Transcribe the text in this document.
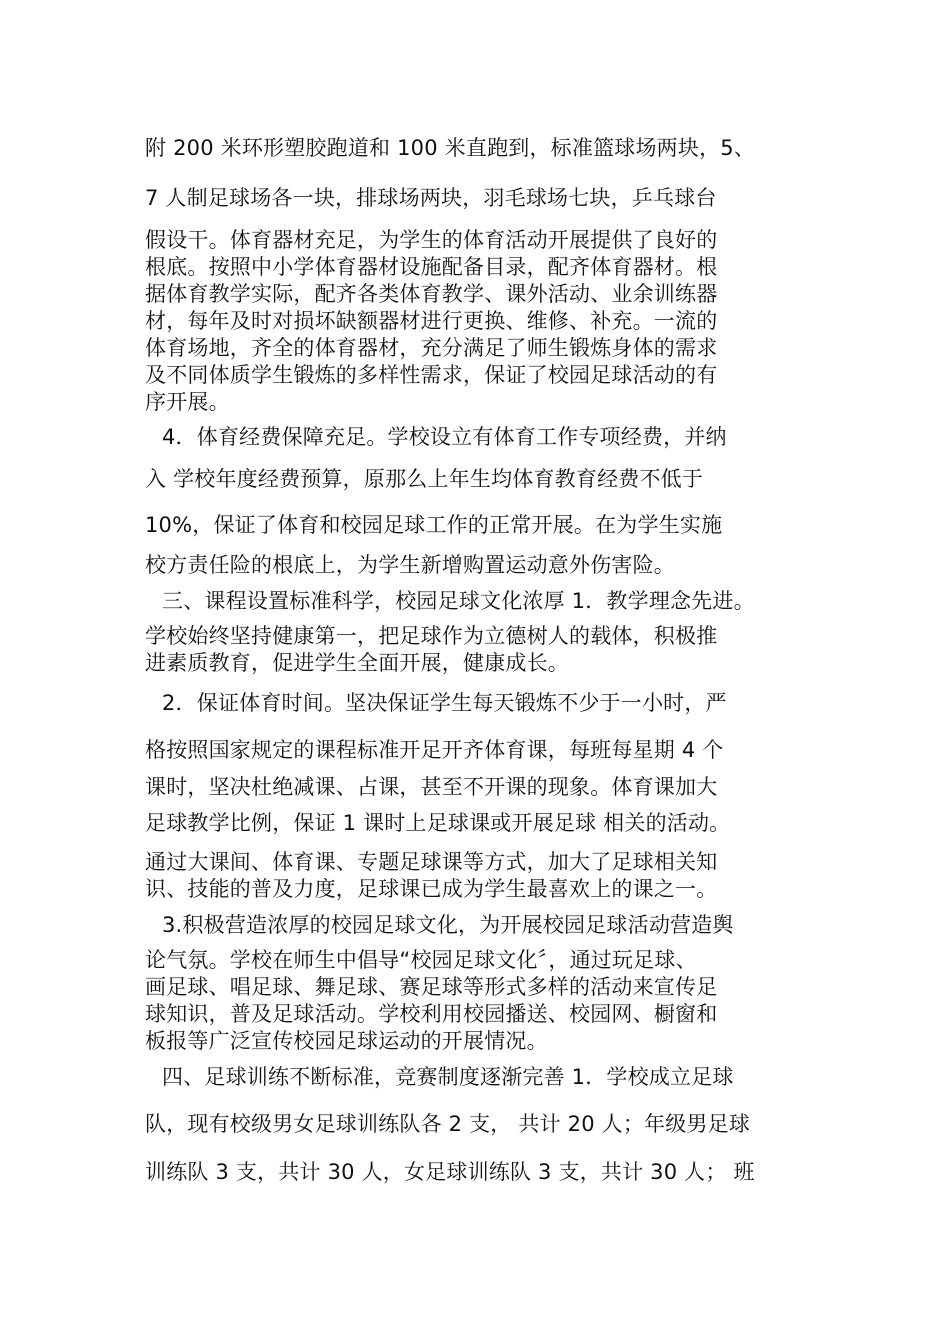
附 200 米环形塑胶跑道和 100 米直跑到，标准篮球场两块，5、
7 人制足球场各一块，排球场两块，羽毛球场七块，乒乓球台
假设干。体育器材充足，为学生的体育活动开展提供了良好的
根底。按照中小学体育器材设施配备目录，配齐体育器材。根
据体育教学实际，配齐各类体育教学、课外活动、业余训练器
材，每年及时对损坏缺额器材进行更换、维修、补充。一流的
体育场地，齐全的体育器材，充分满足了师生锻炼身体的需求
及不同体质学生锻炼的多样性需求，保证了校园足球活动的有
序开展。
4．体育经费保障充足。学校设立有体育工作专项经费，并纳
入 学校年度经费预算，原那么上年生均体育教育经费不低于
10%，保证了体育和校园足球工作的正常开展。在为学生实施
校方责任险的根底上，为学生新增购置运动意外伤害险。
三、课程设置标准科学，校园足球文化浓厚 1．教学理念先进。
学校始终坚持健康第一，把足球作为立德树人的载体，积极推
进素质教育，促进学生全面开展，健康成长。
2．保证体育时间。坚决保证学生每天锻炼不少于一小时，严
格按照国家规定的课程标准开足开齐体育课，每班每星期 4 个
课时，坚决杜绝减课、占课，甚至不开课的现象。体育课加大
足球教学比例，保证 1 课时上足球课或开展足球 相关的活动。
通过大课间、体育课、专题足球课等方式，加大了足球相关知
识、技能的普及力度，足球课已成为学生最喜欢上的课之一。
3.积极营造浓厚的校园足球文化，为开展校园足球活动营造舆
论气氛。学校在师生中倡导“校园足球文化〞，通过玩足球、
画足球、唱足球、舞足球、赛足球等形式多样的活动来宣传足
球知识，普及足球活动。学校利用校园播送、校园网、橱窗和
板报等广泛宣传校园足球运动的开展情况。
四、足球训练不断标准，竞赛制度逐渐完善 1．学校成立足球
队，现有校级男女足球训练队各 2 支， 共计 20 人；年级男足球
训练队 3 支，共计 30 人，女足球训练队 3 支，共计 30 人； 班
